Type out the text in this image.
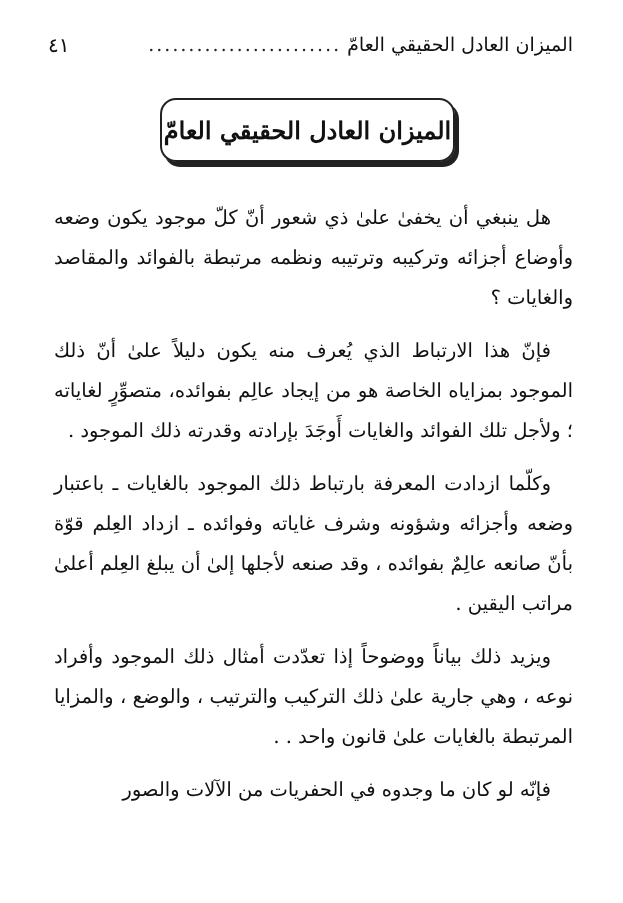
الميزان العادل الحقيقي العامّ
........................
٤١
الميزان العادل الحقيقي العامّ

هل ينبغي أن يخفىٰ علىٰ ذي شعور أنّ كلّ موجود يكون وضعه وأوضاع أجزائه وتركيبه وترتيبه ونظمه مرتبطة بالفوائد والمقاصد والغايات ؟

فإنّ هذا الارتباط الذي يُعرف منه يكون دليلاً علىٰ أنّ ذلك الموجود بمزاياه الخاصة هو من إيجاد عالِم بفوائده، متصوِّرٍ لغاياته ؛ ولأجل تلك الفوائد والغايات أَوجَدَ بإرادته وقدرته ذلك الموجود .

وكلّما ازدادت المعرفة بارتباط ذلك الموجود بالغايات ـ باعتبار وضعه وأجزائه وشؤونه وشرف غاياته وفوائده ـ ازداد العِلم قوّة بأنّ صانعه عالِمٌ بفوائده ، وقد صنعه لأجلها إلىٰ أن يبلغ العِلم أعلىٰ مراتب اليقين .

ويزيد ذلك بياناً ووضوحاً إذا تعدّدت أمثال ذلك الموجود وأفراد نوعه ، وهي جارية علىٰ ذلك التركيب والترتيب ، والوضع ، والمزايا المرتبطة بالغايات علىٰ قانون واحد . .

فإنّه لو كان ما وجدوه في الحفريات من الآلات والصور
